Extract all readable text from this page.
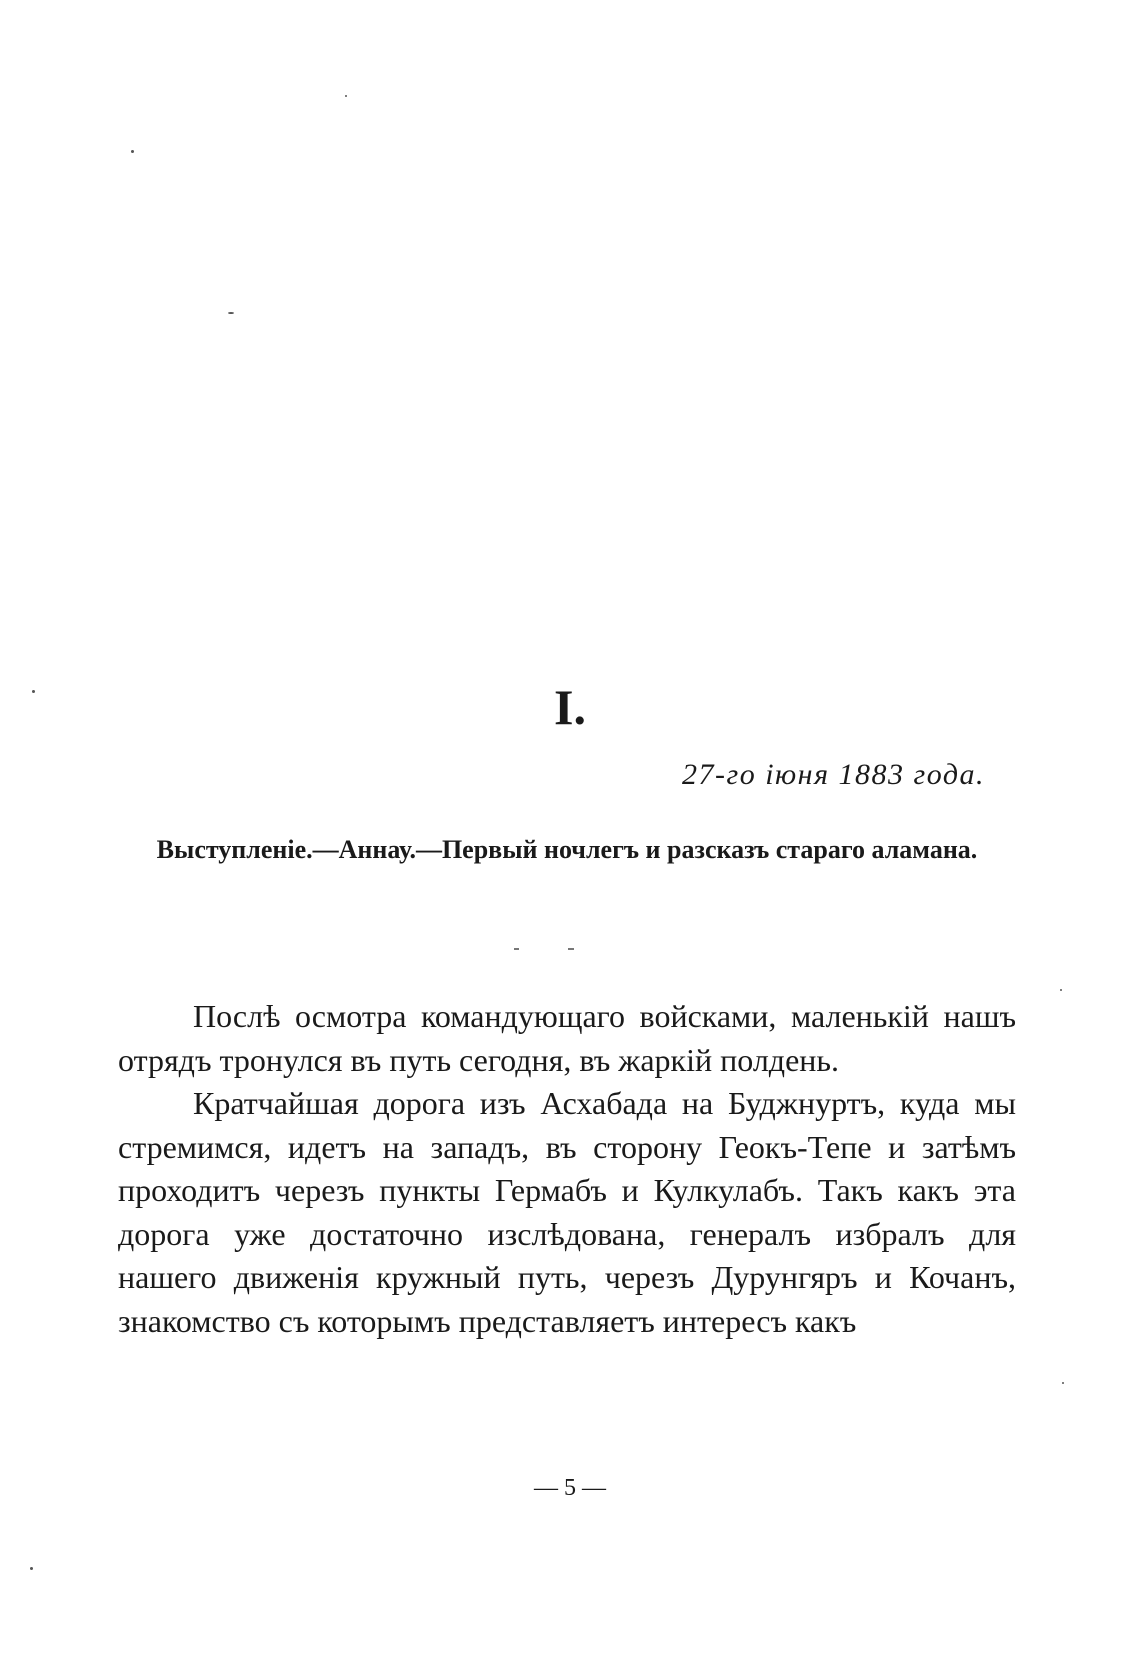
I.

27-го іюня 1883 года.

Выступленіе.—Аннау.—Первый ночлегъ и разсказъ стараго аламана.

Послѣ осмотра командующаго войсками, маленькій нашъ отрядъ тронулся въ путь сегодня, въ жаркій полдень.

Кратчайшая дорога изъ Асхабада на Буджнуртъ, куда мы стремимся, идетъ на западъ, въ сторону Геокъ-Тепе и затѣмъ проходитъ черезъ пункты Гермабъ и Кулкулабъ. Такъ какъ эта дорога уже достаточно изслѣдована, генералъ избралъ для нашего движенія кружный путь, черезъ Дурунгяръ и Кочанъ, знакомство съ которымъ представляетъ интересъ какъ

— 5 —
